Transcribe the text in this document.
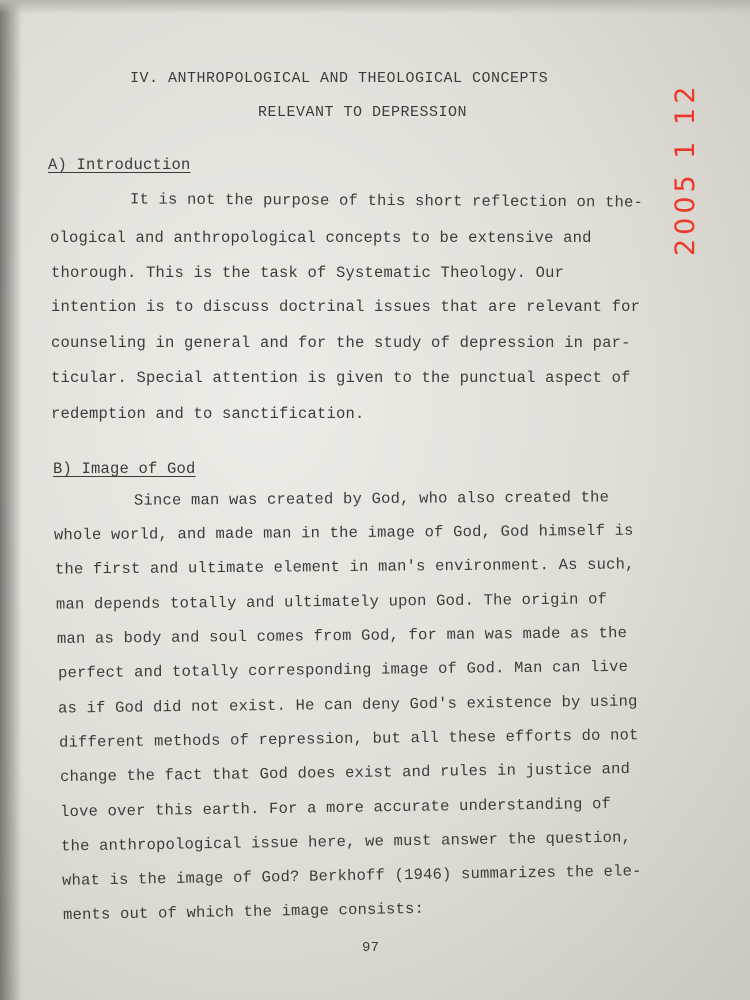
IV. ANTHROPOLOGICAL AND THEOLOGICAL CONCEPTS
RELEVANT TO DEPRESSION
A) Introduction
It is not the purpose of this short reflection on the-
ological and anthropological concepts to be extensive and
thorough. This is the task of Systematic Theology. Our
intention is to discuss doctrinal issues that are relevant for
counseling in general and for the study of depression in par-
ticular. Special attention is given to the punctual aspect of
redemption and to sanctification.
B) Image of God
Since man was created by God, who also created the
whole world, and made man in the image of God, God himself is
the first and ultimate element in man's environment. As such,
man depends totally and ultimately upon God. The origin of
man as body and soul comes from God, for man was made as the
perfect and totally corresponding image of God. Man can live
as if God did not exist. He can deny God's existence by using
different methods of repression, but all these efforts do not
change the fact that God does exist and rules in justice and
love over this earth. For a more accurate understanding of
the anthropological issue here, we must answer the question,
what is the image of God? Berkhoff (1946) summarizes the ele-
ments out of which the image consists:
97
2005 1 12
